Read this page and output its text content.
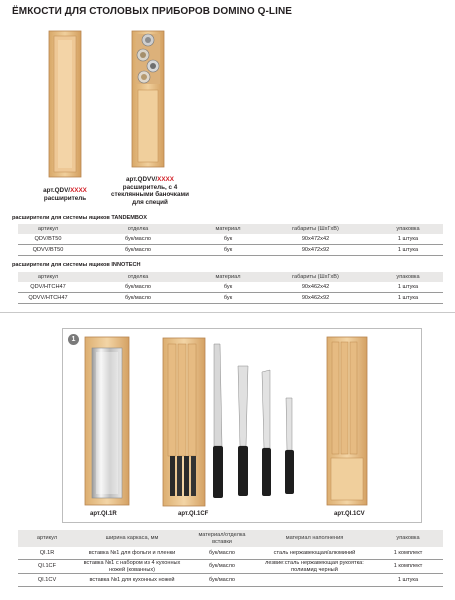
ЁМКОСТИ ДЛЯ СТОЛОВЫХ ПРИБОРОВ DOMINO Q-LINE
арт.QDV/XXXX
расширитель
арт.QDVV/XXXX
расширитель, с 4
стеклянными баночками
для специй

расширители для системы ящиков TANDEMBOX

артикул	отделка	материал	габариты (ШхГхВ)	упаковка
QDV/BT50	бук/масло	бук	90x472x42	1 штука
QDVV/BT50	бук/масло	бук	90x472x92	1 штука

расширители для системы ящиков INNOTECH

артикул	отделка	материал	габариты (ШхГхВ)	упаковка
QDV/HTCH47	бук/масло	бук	90x462x42	1 штука
QDVV/HTCH47	бук/масло	бук	90x462x92	1 штука
1
арт.QI.1R	арт.QI.1CF	арт.QI.1CV
артикул	ширина каркаса, мм	материал/отделка вставки	материал наполнения	упаковка
QI.1R	вставка №1 для фольги и пленки	бук/масло	сталь нержавеющая/алюминий	1 комплект
QI.1CF	вставка №1 с набором из 4 кухонных ножей (кованных)	бук/масло	лезвие:сталь нержавеющая рукоятка: полиамид черный	1 комплект
QI.1CV	вставка №1 для кухонных ножей	бук/масло		1 штука
